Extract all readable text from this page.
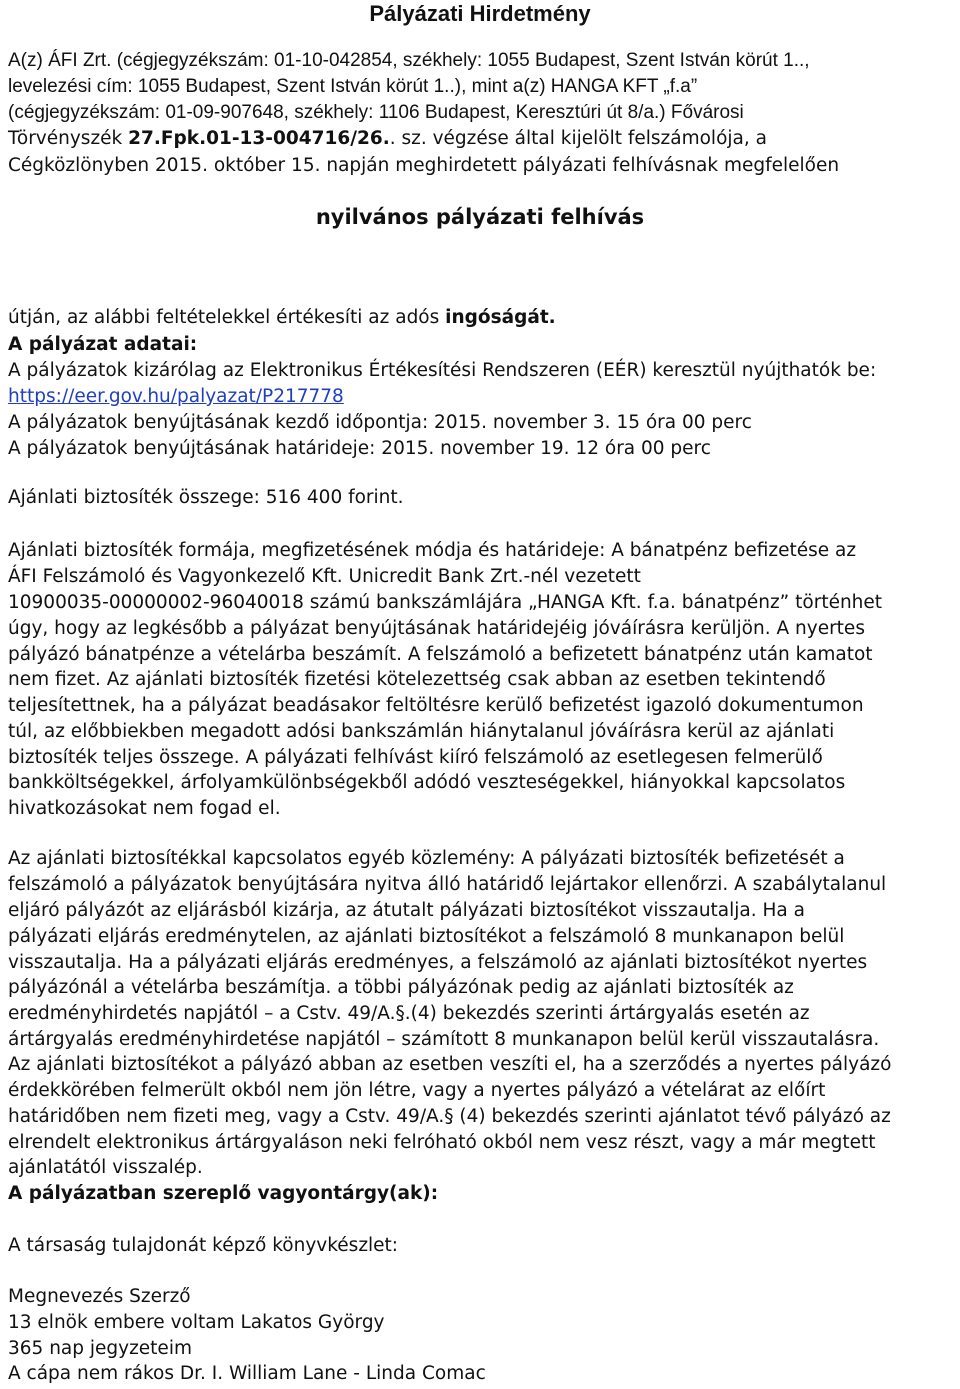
Pályázati Hirdetmény
A(z) ÁFI Zrt. (cégjegyzékszám: 01-10-042854, székhely: 1055 Budapest, Szent István körút 1..,
levelezési cím: 1055 Budapest, Szent István körút 1..), mint a(z) HANGA KFT „f.a”
(cégjegyzékszám: 01-09-907648, székhely: 1106 Budapest, Keresztúri út 8/a.) Fővárosi
Törvényszék 27.Fpk.01-13-004716/26.. sz. végzése által kijelölt felszámolója, a
Cégközlönyben 2015. október 15. napján meghirdetett pályázati felhívásnak megfelelően
nyilvános pályázati felhívás
útján, az alábbi feltételekkel értékesíti az adós ingóságát.
A pályázat adatai:
A pályázatok kizárólag az Elektronikus Értékesítési Rendszeren (EÉR) keresztül nyújthatók be:
https://eer.gov.hu/palyazat/P217778
A pályázatok benyújtásának kezdő időpontja: 2015. november 3. 15 óra 00 perc
A pályázatok benyújtásának határideje: 2015. november 19. 12 óra 00 perc
Ajánlati biztosíték összege: 516 400 forint.
Ajánlati biztosíték formája, megfizetésének módja és határideje: A bánatpénz befizetése az
ÁFI Felszámoló és Vagyonkezelő Kft. Unicredit Bank Zrt.-nél vezetett
10900035-00000002-96040018 számú bankszámlájára „HANGA Kft. f.a. bánatpénz” történhet
úgy, hogy az legkésőbb a pályázat benyújtásának határidejéig jóváírásra kerüljön. A nyertes
pályázó bánatpénze a vételárba beszámít. A felszámoló a befizetett bánatpénz után kamatot
nem fizet. Az ajánlati biztosíték fizetési kötelezettség csak abban az esetben tekintendő
teljesítettnek, ha a pályázat beadásakor feltöltésre kerülő befizetést igazoló dokumentumon
túl, az előbbiekben megadott adósi bankszámlán hiánytalanul jóváírásra kerül az ajánlati
biztosíték teljes összege. A pályázati felhívást kiíró felszámoló az esetlegesen felmerülő
bankköltségekkel, árfolyamkülönbségekből adódó veszteségekkel, hiányokkal kapcsolatos
hivatkozásokat nem fogad el.
Az ajánlati biztosítékkal kapcsolatos egyéb közlemény: A pályázati biztosíték befizetését a
felszámoló a pályázatok benyújtására nyitva álló határidő lejártakor ellenőrzi. A szabálytalanul
eljáró pályázót az eljárásból kizárja, az átutalt pályázati biztosítékot visszautalja. Ha a
pályázati eljárás eredménytelen, az ajánlati biztosítékot a felszámoló 8 munkanapon belül
visszautalja. Ha a pályázati eljárás eredményes, a felszámoló az ajánlati biztosítékot nyertes
pályázónál a vételárba beszámítja. a többi pályázónak pedig az ajánlati biztosíték az
eredményhirdetés napjától – a Cstv. 49/A.§.(4) bekezdés szerinti ártárgyalás esetén az
ártárgyalás eredményhirdetése napjától – számított 8 munkanapon belül kerül visszautalásra.
Az ajánlati biztosítékot a pályázó abban az esetben veszíti el, ha a szerződés a nyertes pályázó
érdekkörében felmerült okból nem jön létre, vagy a nyertes pályázó a vételárat az előírt
határidőben nem fizeti meg, vagy a Cstv. 49/A.§ (4) bekezdés szerinti ajánlatot tévő pályázó az
elrendelt elektronikus ártárgyaláson neki felróható okból nem vesz részt, vagy a már megtett
ajánlatától visszalép.
A pályázatban szereplő vagyontárgy(ak):
A társaság tulajdonát képző könyvkészlet:
Megnevezés Szerző
13 elnök embere voltam Lakatos György
365 nap jegyzeteim
A cápa nem rákos Dr. I. William Lane - Linda Comac
